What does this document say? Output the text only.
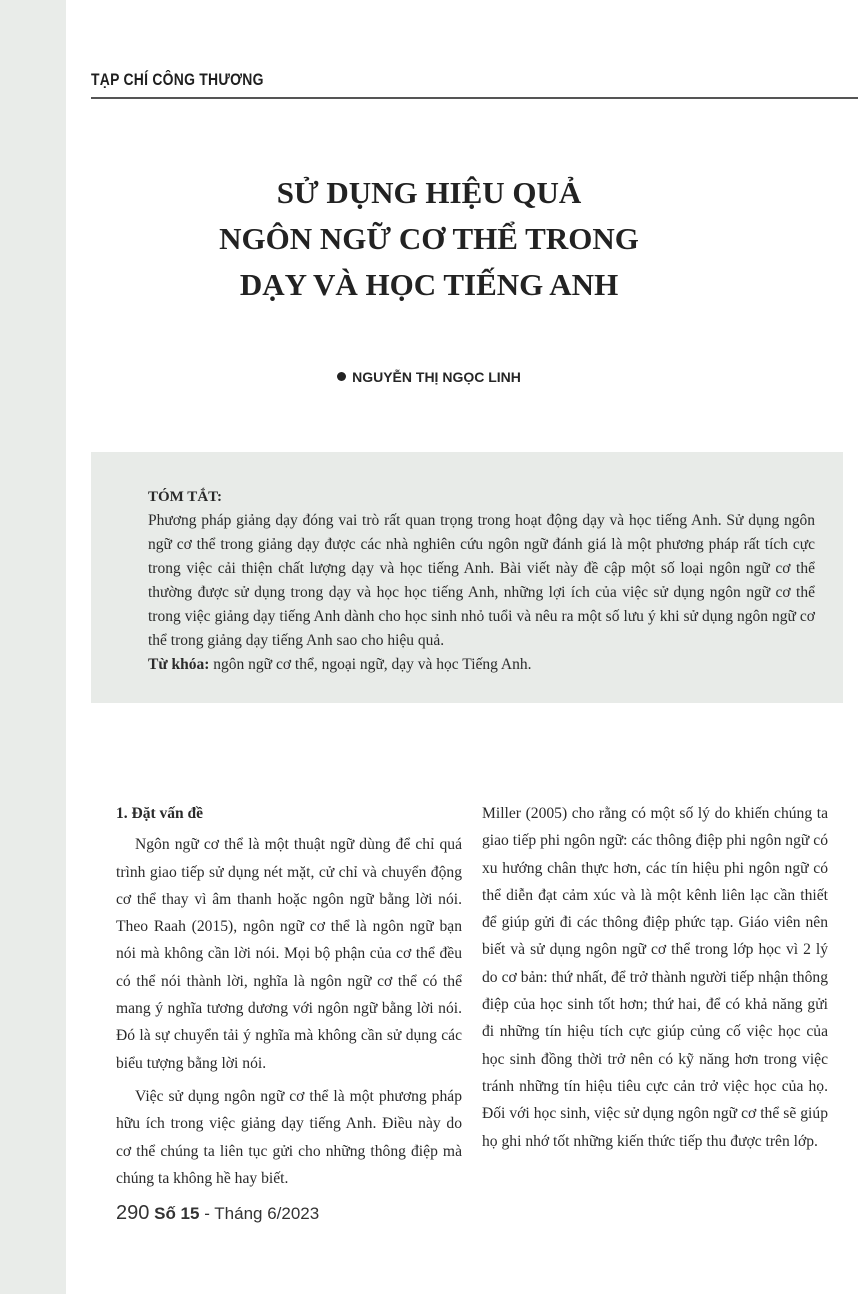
TẠP CHÍ CÔNG THƯƠNG
SỬ DỤNG HIỆU QUẢ
NGÔN NGỮ CƠ THỂ TRONG
DẠY VÀ HỌC TIẾNG ANH
NGUYỄN THỊ NGỌC LINH
TÓM TẮT:
Phương pháp giảng dạy đóng vai trò rất quan trọng trong hoạt động dạy và học tiếng Anh. Sử dụng ngôn ngữ cơ thể trong giảng dạy được các nhà nghiên cứu ngôn ngữ đánh giá là một phương pháp rất tích cực trong việc cải thiện chất lượng dạy và học tiếng Anh. Bài viết này đề cập một số loại ngôn ngữ cơ thể thường được sử dụng trong dạy và học học tiếng Anh, những lợi ích của việc sử dụng ngôn ngữ cơ thể trong việc giảng dạy tiếng Anh dành cho học sinh nhỏ tuổi và nêu ra một số lưu ý khi sử dụng ngôn ngữ cơ thể trong giảng dạy tiếng Anh sao cho hiệu quả.
Từ khóa: ngôn ngữ cơ thể, ngoại ngữ, dạy và học Tiếng Anh.
1. Đặt vấn đề

Ngôn ngữ cơ thể là một thuật ngữ dùng để chỉ quá trình giao tiếp sử dụng nét mặt, cử chỉ và chuyển động cơ thể thay vì âm thanh hoặc ngôn ngữ bằng lời nói. Theo Raah (2015), ngôn ngữ cơ thể là ngôn ngữ bạn nói mà không cần lời nói. Mọi bộ phận của cơ thể đều có thể nói thành lời, nghĩa là ngôn ngữ cơ thể có thể mang ý nghĩa tương dương với ngôn ngữ bằng lời nói. Đó là sự chuyển tải ý nghĩa mà không cần sử dụng các biểu tượng bằng lời nói.

Việc sử dụng ngôn ngữ cơ thể là một phương pháp hữu ích trong việc giảng dạy tiếng Anh. Điều này do cơ thể chúng ta liên tục gửi cho những thông điệp mà chúng ta không hề hay biết.

Miller (2005) cho rằng có một số lý do khiến chúng ta giao tiếp phi ngôn ngữ: các thông điệp phi ngôn ngữ có xu hướng chân thực hơn, các tín hiệu phi ngôn ngữ có thể diễn đạt cảm xúc và là một kênh liên lạc cần thiết để giúp gửi đi các thông điệp phức tạp. Giáo viên nên biết và sử dụng ngôn ngữ cơ thể trong lớp học vì 2 lý do cơ bản: thứ nhất, để trở thành người tiếp nhận thông điệp của học sinh tốt hơn; thứ hai, để có khả năng gửi đi những tín hiệu tích cực giúp củng cố việc học của học sinh đồng thời trở nên có kỹ năng hơn trong việc tránh những tín hiệu tiêu cực cản trở việc học của họ. Đối với học sinh, việc sử dụng ngôn ngữ cơ thể sẽ giúp họ ghi nhớ tốt những kiến thức tiếp thu được trên lớp.

290 Số 15 - Tháng 6/2023
